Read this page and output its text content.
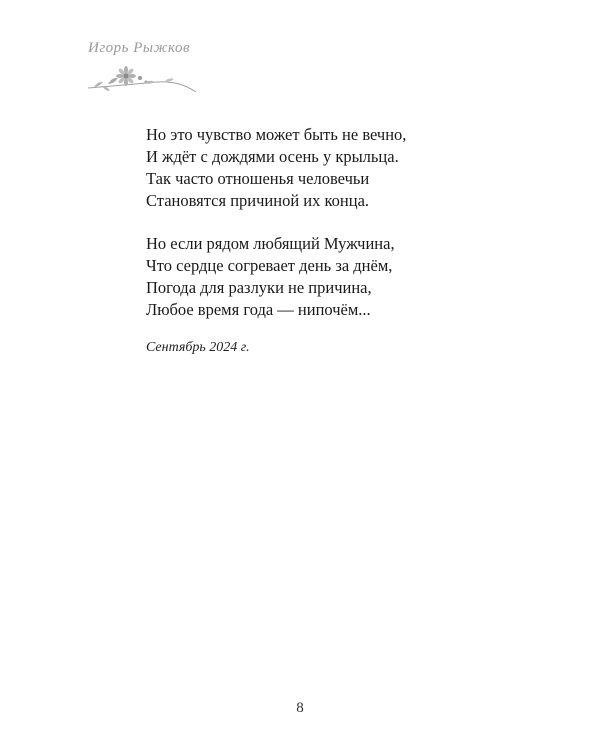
Игорь Рыжков
Но это чувство может быть не вечно,
И ждёт с дождями осень у крыльца.
Так часто отношенья человечьи
Становятся причиной их конца.
Но если рядом любящий Мужчина,
Что сердце согревает день за днём,
Погода для разлуки не причина,
Любое время года — нипочём...
Сентябрь 2024 г.
8
